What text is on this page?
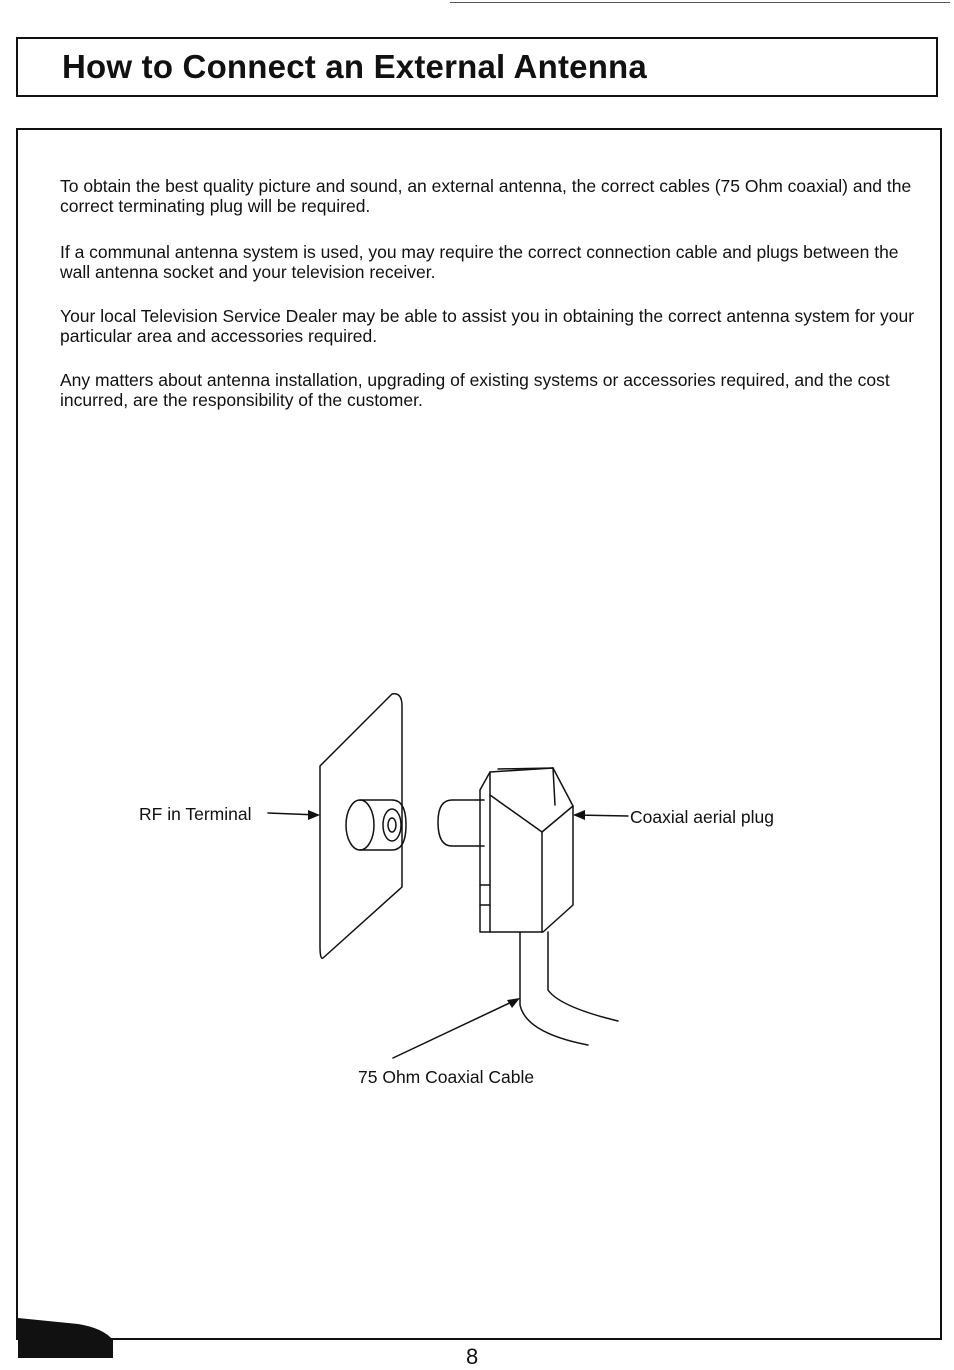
How to Connect an External Antenna

To obtain the best quality picture and sound, an external antenna, the correct cables (75 Ohm coaxial) and the correct terminating plug will be required.

If a communal antenna system is used, you may require the correct connection cable and plugs between the wall antenna socket and your television receiver.

Your local Television Service Dealer may be able to assist you in obtaining the correct antenna system for your particular area and accessories required.

Any matters about antenna installation, upgrading of existing systems or accessories required, and the cost incurred, are the responsibility of the customer.

RF in Terminal	Coaxial aerial plug
75 Ohm Coaxial Cable
8
